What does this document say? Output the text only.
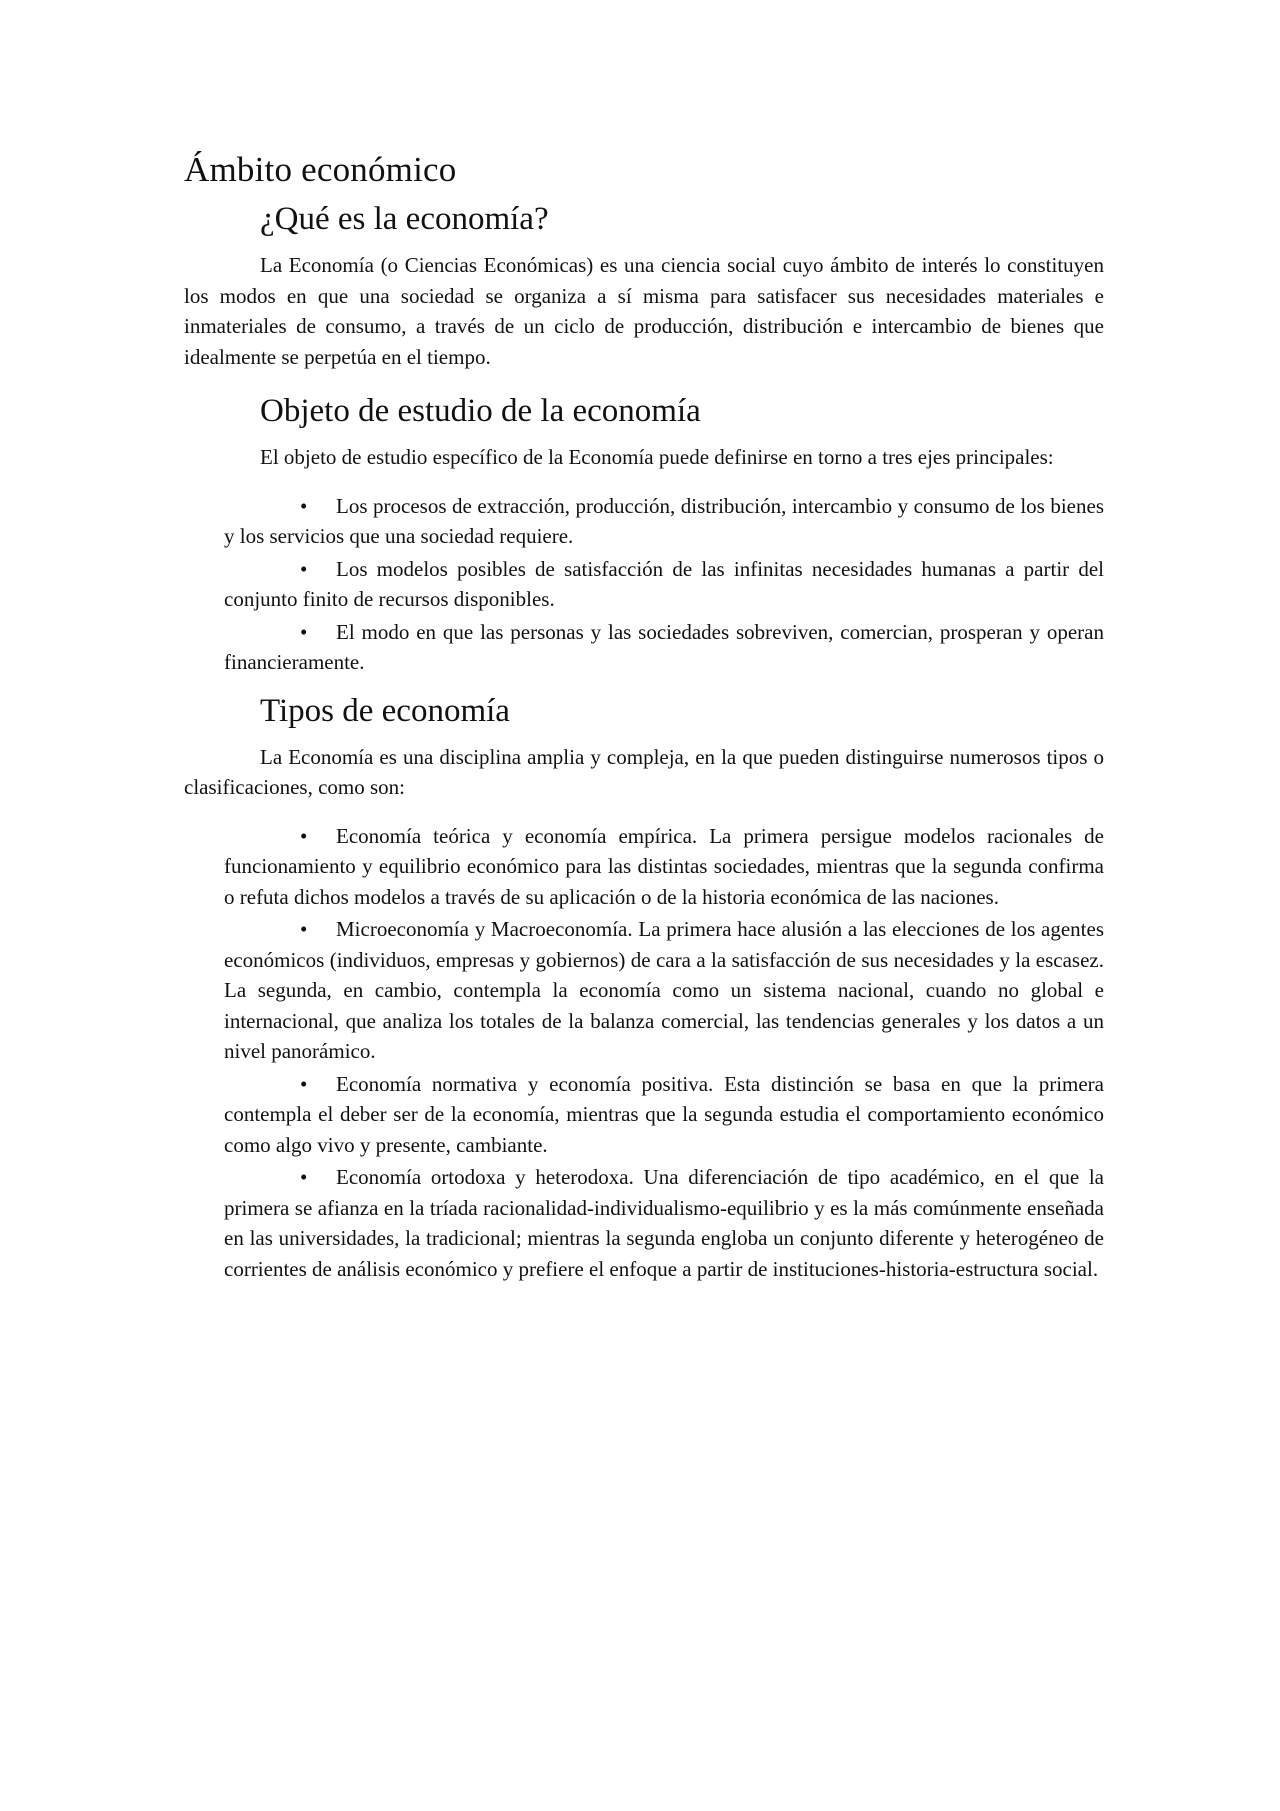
Ámbito económico
¿Qué es la economía?

La Economía (o Ciencias Económicas) es una ciencia social cuyo ámbito de interés lo constituyen los modos en que una sociedad se organiza a sí misma para satisfacer sus necesidades materiales e inmateriales de consumo, a través de un ciclo de producción, distribución e intercambio de bienes que idealmente se perpetúa en el tiempo.

Objeto de estudio de la economía

El objeto de estudio específico de la Economía puede definirse en torno a tres ejes principales:

• Los procesos de extracción, producción, distribución, intercambio y consumo de los bienes y los servicios que una sociedad requiere.
• Los modelos posibles de satisfacción de las infinitas necesidades humanas a partir del conjunto finito de recursos disponibles.
• El modo en que las personas y las sociedades sobreviven, comercian, prosperan y operan financieramente.
Tipos de economía

La Economía es una disciplina amplia y compleja, en la que pueden distinguirse numerosos tipos o clasificaciones, como son:

• Economía teórica y economía empírica. La primera persigue modelos racionales de funcionamiento y equilibrio económico para las distintas sociedades, mientras que la segunda confirma o refuta dichos modelos a través de su aplicación o de la historia económica de las naciones.
• Microeconomía y Macroeconomía. La primera hace alusión a las elecciones de los agentes económicos (individuos, empresas y gobiernos) de cara a la satisfacción de sus necesidades y la escasez. La segunda, en cambio, contempla la economía como un sistema nacional, cuando no global e internacional, que analiza los totales de la balanza comercial, las tendencias generales y los datos a un nivel panorámico.
• Economía normativa y economía positiva. Esta distinción se basa en que la primera contempla el deber ser de la economía, mientras que la segunda estudia el comportamiento económico como algo vivo y presente, cambiante.
• Economía ortodoxa y heterodoxa. Una diferenciación de tipo académico, en el que la primera se afianza en la tríada racionalidad-individualismo-equilibrio y es la más comúnmente enseñada en las universidades, la tradicional; mientras la segunda engloba un conjunto diferente y heterogéneo de corrientes de análisis económico y prefiere el enfoque a partir de instituciones-historia-estructura social.
